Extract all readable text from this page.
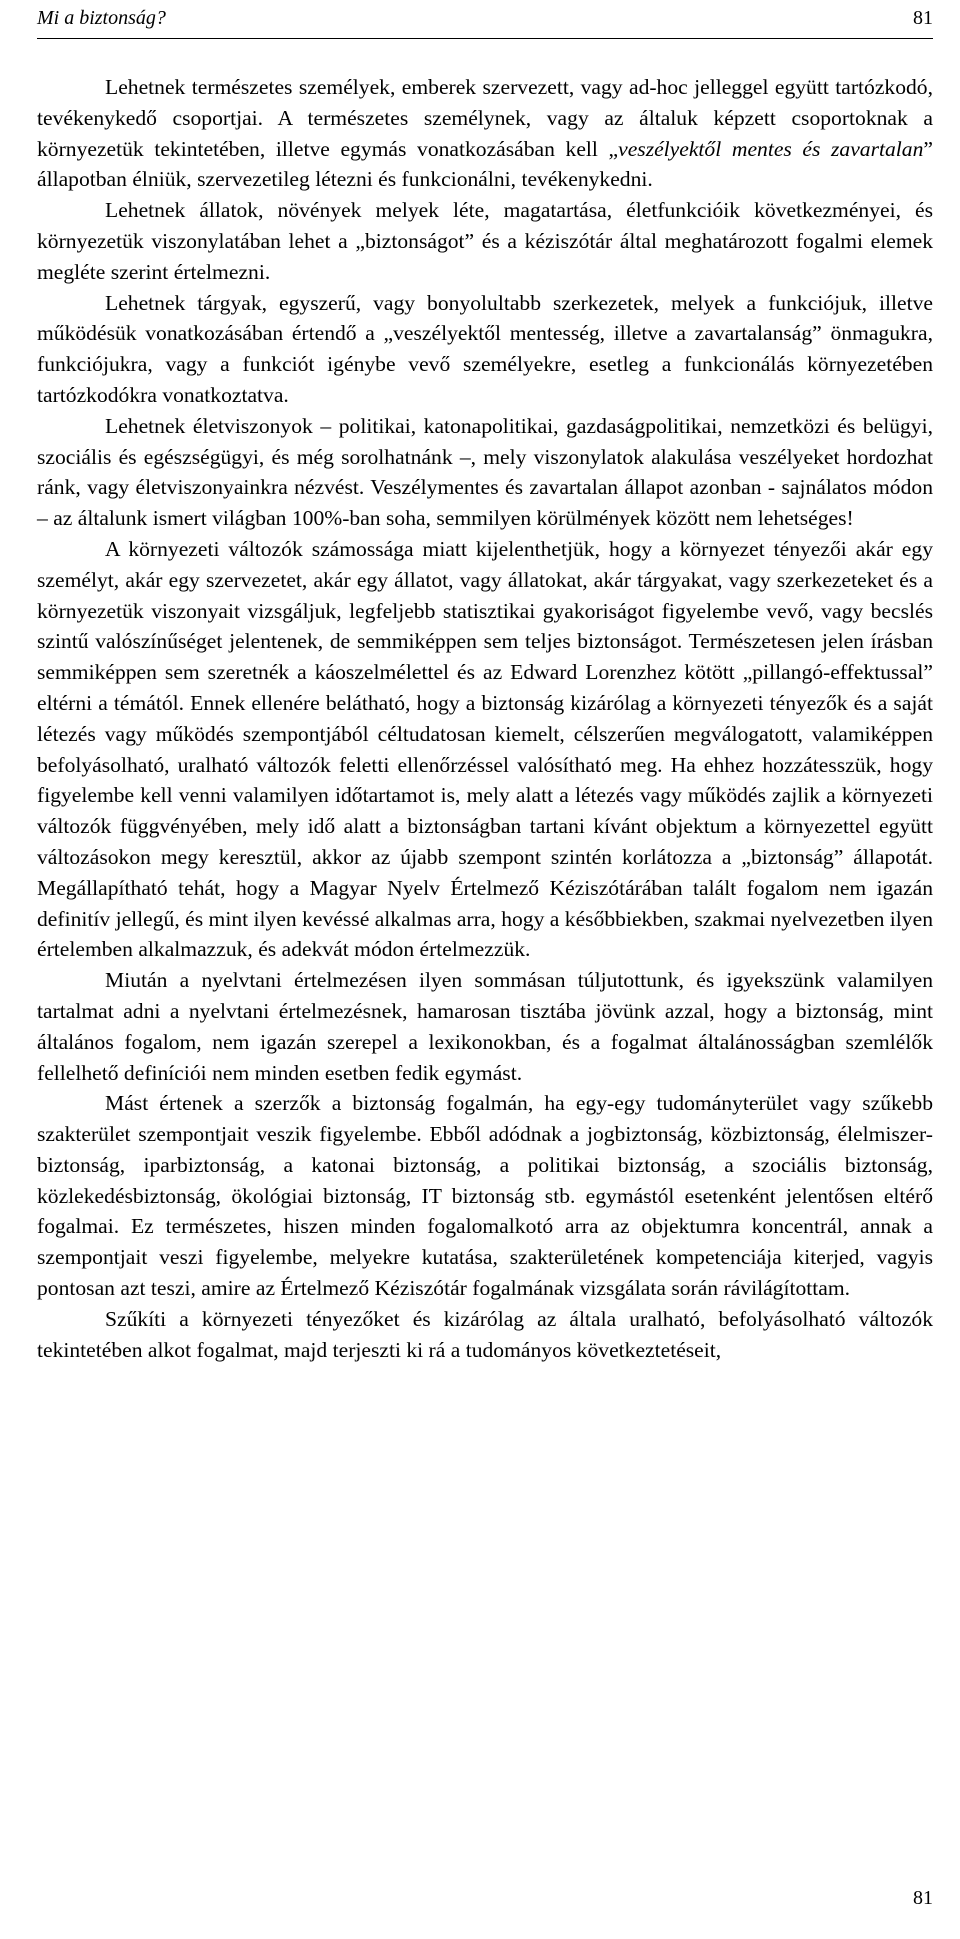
Mi a biztonság?	81

Lehetnek természetes személyek, emberek szervezett, vagy ad-hoc jelleggel együtt tartózkodó, tevékenykedő csoportjai. A természetes személynek, vagy az általuk képzett csoportoknak a környezetük tekintetében, illetve egymás vonatkozásában kell „veszélyektől mentes és zavartalan” állapotban élniük, szervezetileg létezni és funkcionálni, tevékenykedni.

Lehetnek állatok, növények melyek léte, magatartása, életfunkcióik következményei, és környezetük viszonylatában lehet a „biztonságot” és a kéziszótár által meghatározott fogalmi elemek megléte szerint értelmezni.

Lehetnek tárgyak, egyszerű, vagy bonyolultabb szerkezetek, melyek a funkciójuk, illetve működésük vonatkozásában értendő a „veszélyektől mentesség, illetve a zavartalanság” önmagukra, funkciójukra, vagy a funkciót igénybe vevő személyekre, esetleg a funkcionálás környezetében tartózkodókra vonatkoztatva.

Lehetnek életviszonyok – politikai, katonapolitikai, gazdaságpolitikai, nemzetközi és belügyi, szociális és egészségügyi, és még sorolhatnánk –, mely viszonylatok alakulása veszélyeket hordozhat ránk, vagy életviszonyainkra nézvést. Veszélymentes és zavartalan állapot azonban - sajnálatos módon – az általunk ismert világban 100%-ban soha, semmilyen körülmények között nem lehetséges!

A környezeti változók számossága miatt kijelenthetjük, hogy a környezet tényezői akár egy személyt, akár egy szervezetet, akár egy állatot, vagy állatokat, akár tárgyakat, vagy szerkezeteket és a környezetük viszonyait vizsgáljuk, legfeljebb statisztikai gyakoriságot figyelembe vevő, vagy becslés szintű valószínűséget jelentenek, de semmiképpen sem teljes biztonságot. Természetesen jelen írásban semmiképpen sem szeretnék a káoszelmélettel és az Edward Lorenzhez kötött „pillangó-effektussal” eltérni a témától. Ennek ellenére belátható, hogy a biztonság kizárólag a környezeti tényezők és a saját létezés vagy működés szempontjából céltudatosan kiemelt, célszerűen megválogatott, valamiképpen befolyásolható, uralható változók feletti ellenőrzéssel valósítható meg. Ha ehhez hozzátesszük, hogy figyelembe kell venni valamilyen időtartamot is, mely alatt a létezés vagy működés zajlik a környezeti változók függvényében, mely idő alatt a biztonságban tartani kívánt objektum a környezettel együtt változásokon megy keresztül, akkor az újabb szempont szintén korlátozza a „biztonság” állapotát. Megállapítható tehát, hogy a Magyar Nyelv Értelmező Kéziszótárában talált fogalom nem igazán definitív jellegű, és mint ilyen kevéssé alkalmas arra, hogy a későbbiekben, szakmai nyelvezetben ilyen értelemben alkalmazzuk, és adekvát módon értelmezzük.

Miután a nyelvtani értelmezésen ilyen sommásan túljutottunk, és igyekszünk valamilyen tartalmat adni a nyelvtani értelmezésnek, hamarosan tisztába jövünk azzal, hogy a biztonság, mint általános fogalom, nem igazán szerepel a lexikonokban, és a fogalmat általánosságban szemlélők fellelhető definíciói nem minden esetben fedik egymást.

Mást értenek a szerzők a biztonság fogalmán, ha egy-egy tudományterület vagy szűkebb szakterület szempontjait veszik figyelembe. Ebből adódnak a jogbiztonság, közbiztonság, élelmiszer-biztonság, iparbiztonság, a katonai biztonság, a politikai biztonság, a szociális biztonság, közlekedésbiztonság, ökológiai biztonság, IT biztonság stb. egymástól esetenként jelentősen eltérő fogalmai. Ez természetes, hiszen minden fogalomalkotó arra az objektumra koncentrál, annak a szempontjait veszi figyelembe, melyekre kutatása, szakterületének kompetenciája kiterjed, vagyis pontosan azt teszi, amire az Értelmező Kéziszótár fogalmának vizsgálata során rávilágítottam.

Szűkíti a környezeti tényezőket és kizárólag az általa uralható, befolyásolható változók tekintetében alkot fogalmat, majd terjeszti ki rá a tudományos következtetéseit,

81
